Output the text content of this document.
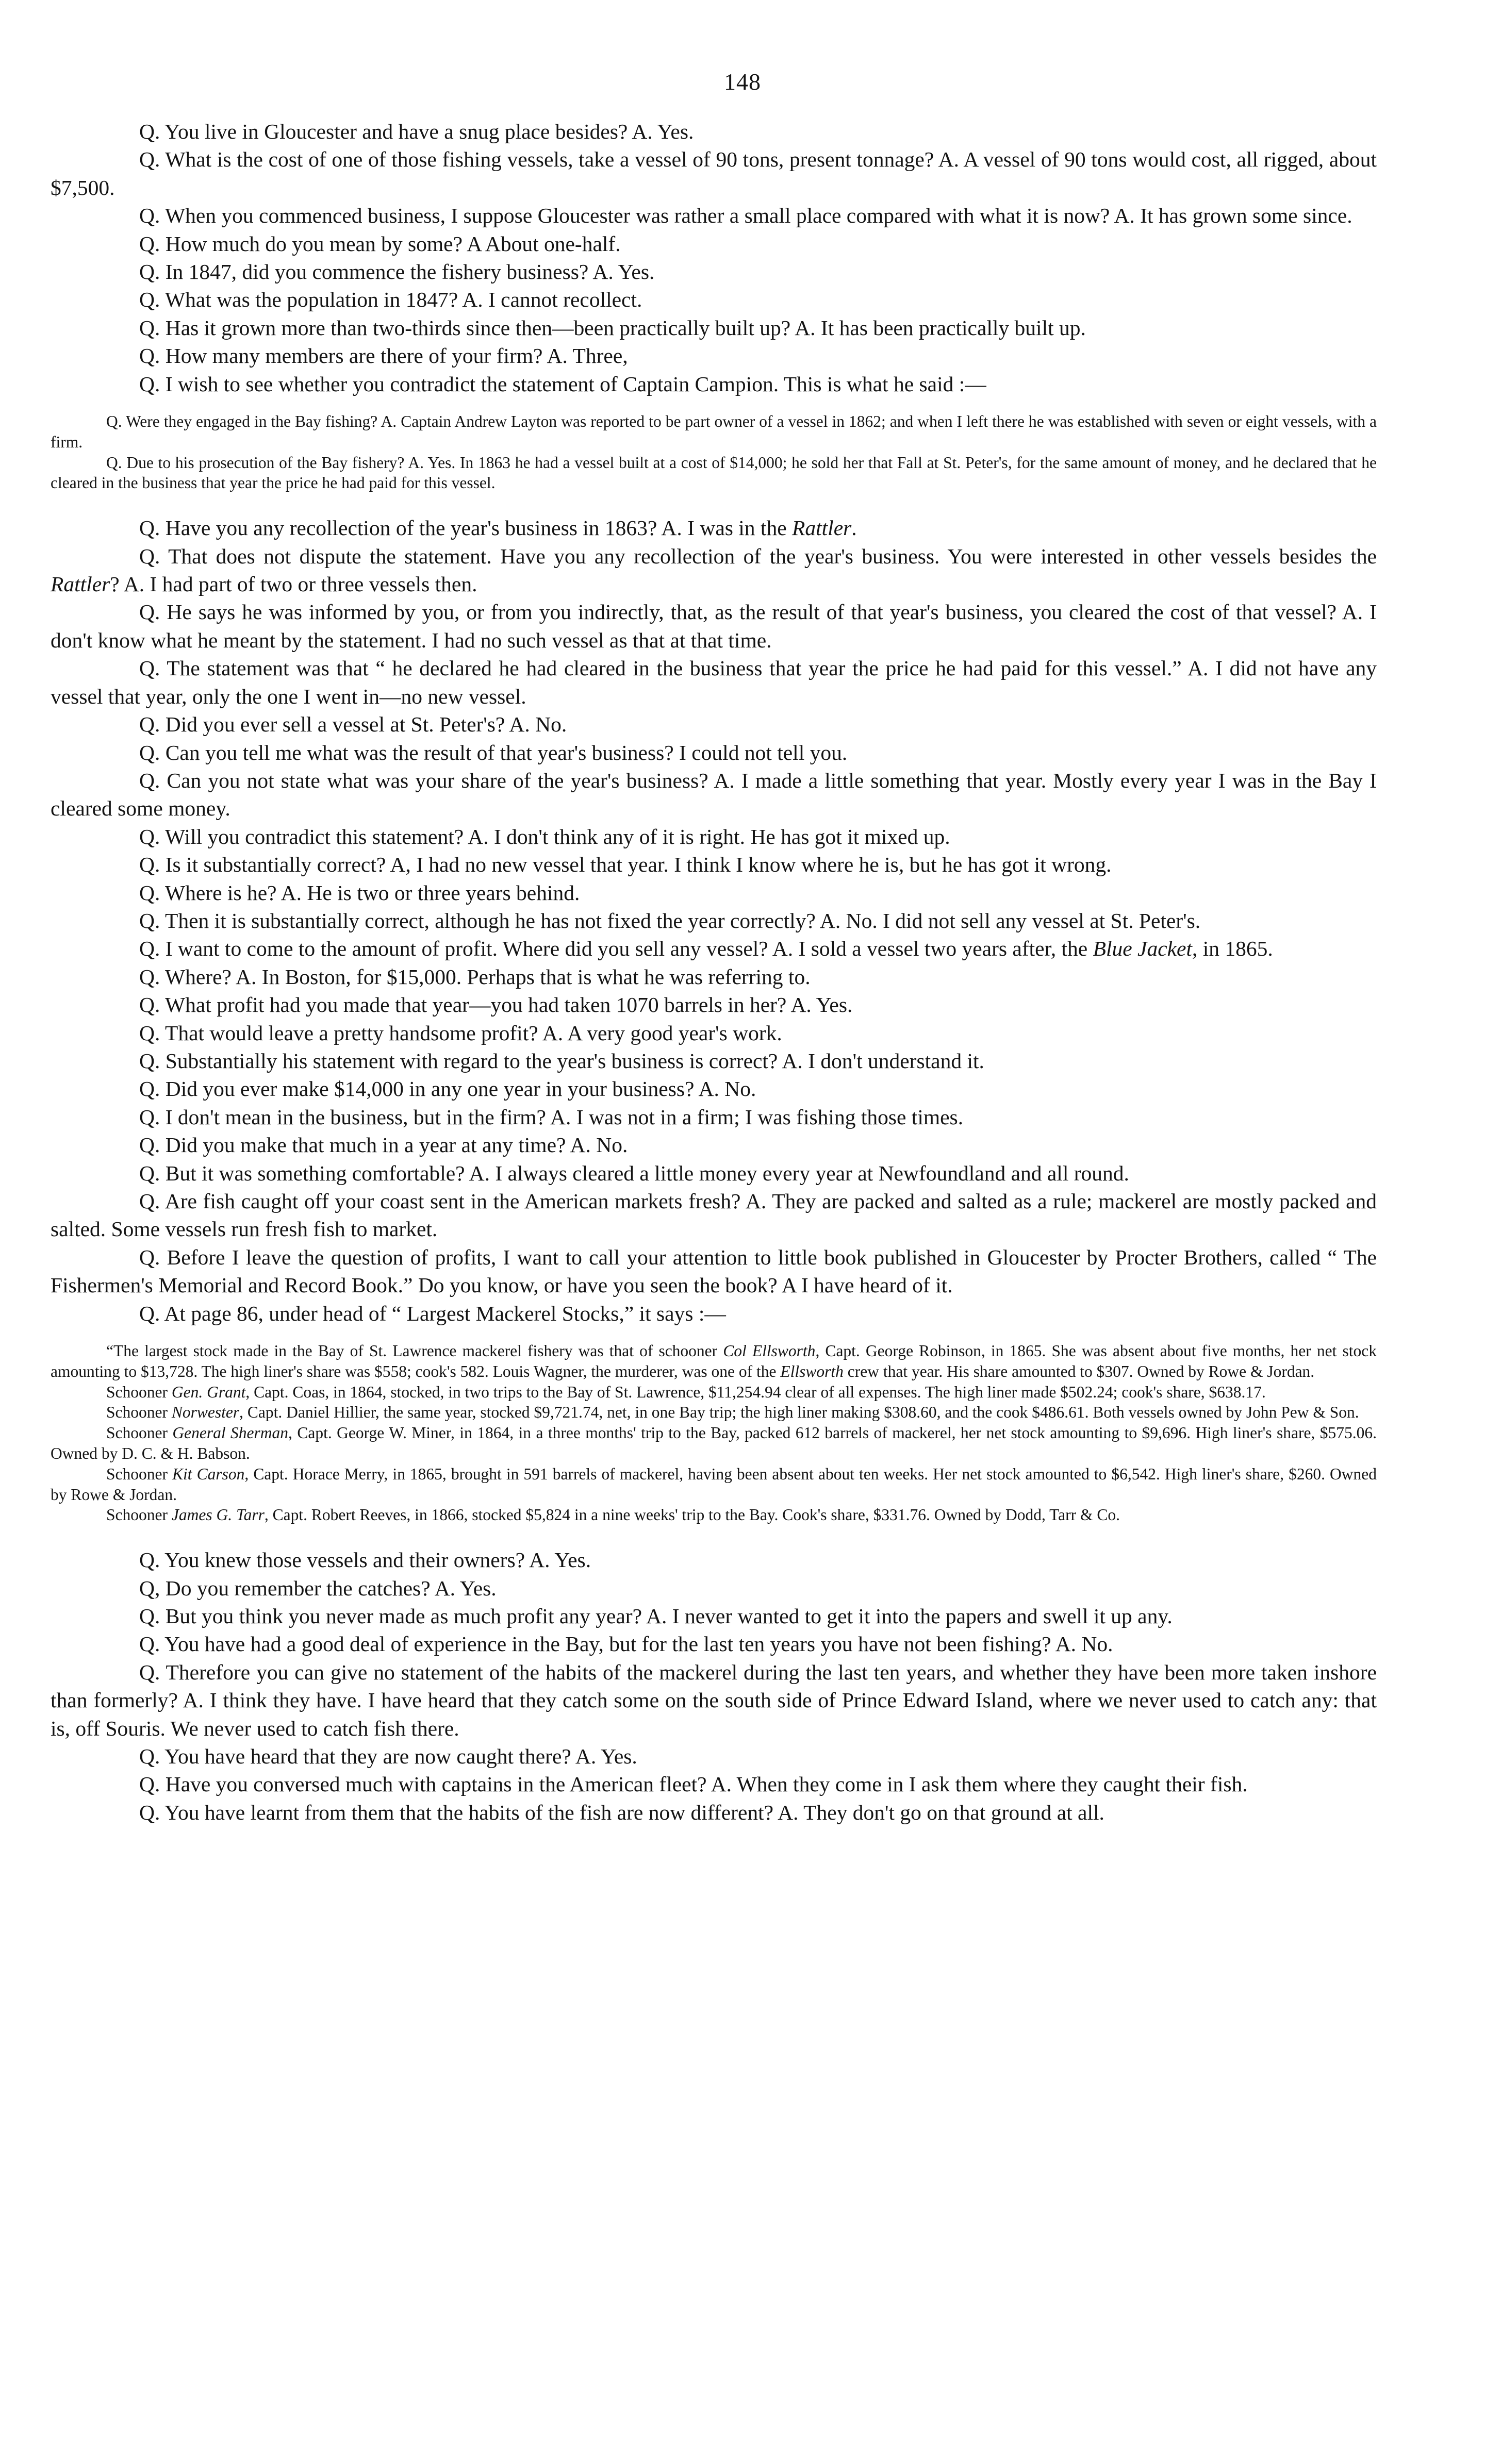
148

Q. You live in Gloucester and have a snug place besides? A. Yes.

Q. What is the cost of one of those fishing vessels, take a vessel of 90 tons, present tonnage? A. A vessel of 90 tons would cost, all rigged, about $7,500.

Q. When you commenced business, I suppose Gloucester was rather a small place compared with what it is now? A. It has grown some since.

Q. How much do you mean by some? A About one-half.

Q. In 1847, did you commence the fishery business? A. Yes.

Q. What was the population in 1847? A. I cannot recollect.

Q. Has it grown more than two-thirds since then—been practically built up? A. It has been practically built up.

Q. How many members are there of your firm? A. Three,

Q. I wish to see whether you contradict the statement of Captain Campion. This is what he said :—

Q. Were they engaged in the Bay fishing? A. Captain Andrew Layton was reported to be part owner of a vessel in 1862; and when I left there he was established with seven or eight vessels, with a firm.

Q. Due to his prosecution of the Bay fishery? A. Yes. In 1863 he had a vessel built at a cost of $14,000; he sold her that Fall at St. Peter's, for the same amount of money, and he declared that he cleared in the business that year the price he had paid for this vessel.

Q. Have you any recollection of the year's business in 1863? A. I was in the Rattler.

Q. That does not dispute the statement. Have you any recollection of the year's business. You were interested in other vessels besides the Rattler? A. I had part of two or three vessels then.

Q. He says he was informed by you, or from you indirectly, that, as the result of that year's business, you cleared the cost of that vessel? A. I don't know what he meant by the statement. I had no such vessel as that at that time.

Q. The statement was that “ he declared he had cleared in the business that year the price he had paid for this vessel.” A. I did not have any vessel that year, only the one I went in—no new vessel.

Q. Did you ever sell a vessel at St. Peter's? A. No.

Q. Can you tell me what was the result of that year's business? I could not tell you.

Q. Can you not state what was your share of the year's business? A. I made a little something that year. Mostly every year I was in the Bay I cleared some money.

Q. Will you contradict this statement? A. I don't think any of it is right. He has got it mixed up.

Q. Is it substantially correct? A, I had no new vessel that year. I think I know where he is, but he has got it wrong.

Q. Where is he? A. He is two or three years behind.

Q. Then it is substantially correct, although he has not fixed the year correctly? A. No. I did not sell any vessel at St. Peter's.

Q. I want to come to the amount of profit. Where did you sell any vessel? A. I sold a vessel two years after, the Blue Jacket, in 1865.

Q. Where? A. In Boston, for $15,000. Perhaps that is what he was referring to.

Q. What profit had you made that year—you had taken 1070 barrels in her? A. Yes.

Q. That would leave a pretty handsome profit? A. A very good year's work.

Q. Substantially his statement with regard to the year's business is correct? A. I don't understand it.

Q. Did you ever make $14,000 in any one year in your business? A. No.

Q. I don't mean in the business, but in the firm? A. I was not in a firm; I was fishing those times.

Q. Did you make that much in a year at any time? A. No.

Q. But it was something comfortable? A. I always cleared a little money every year at Newfoundland and all round.

Q. Are fish caught off your coast sent in the American markets fresh? A. They are packed and salted as a rule; mackerel are mostly packed and salted. Some vessels run fresh fish to market.

Q. Before I leave the question of profits, I want to call your attention to little book published in Gloucester by Procter Brothers, called “ The Fishermen's Memorial and Record Book.” Do you know, or have you seen the book? A I have heard of it.

Q. At page 86, under head of “ Largest Mackerel Stocks,” it says :—

“The largest stock made in the Bay of St. Lawrence mackerel fishery was that of schooner Col Ellsworth, Capt. George Robinson, in 1865. She was absent about five months, her net stock amounting to $13,728. The high liner's share was $558; cook's 582. Louis Wagner, the murderer, was one of the Ellsworth crew that year. His share amounted to $307. Owned by Rowe & Jordan.

Schooner Gen. Grant, Capt. Coas, in 1864, stocked, in two trips to the Bay of St. Lawrence, $11,254.94 clear of all expenses. The high liner made $502.24; cook's share, $638.17.

Schooner Norwester, Capt. Daniel Hillier, the same year, stocked $9,721.74, net, in one Bay trip; the high liner making $308.60, and the cook $486.61. Both vessels owned by John Pew & Son.

Schooner General Sherman, Capt. George W. Miner, in 1864, in a three months' trip to the Bay, packed 612 barrels of mackerel, her net stock amounting to $9,696. High liner's share, $575.06. Owned by D. C. & H. Babson.

Schooner Kit Carson, Capt. Horace Merry, in 1865, brought in 591 barrels of mackerel, having been absent about ten weeks. Her net stock amounted to $6,542. High liner's share, $260. Owned by Rowe & Jordan.

Schooner James G. Tarr, Capt. Robert Reeves, in 1866, stocked $5,824 in a nine weeks' trip to the Bay. Cook's share, $331.76. Owned by Dodd, Tarr & Co.

Q. You knew those vessels and their owners? A. Yes.

Q, Do you remember the catches? A. Yes.

Q. But you think you never made as much profit any year? A. I never wanted to get it into the papers and swell it up any.

Q. You have had a good deal of experience in the Bay, but for the last ten years you have not been fishing? A. No.

Q. Therefore you can give no statement of the habits of the mackerel during the last ten years, and whether they have been more taken inshore than formerly? A. I think they have. I have heard that they catch some on the south side of Prince Edward Island, where we never used to catch any: that is, off Souris. We never used to catch fish there.

Q. You have heard that they are now caught there? A. Yes.

Q. Have you conversed much with captains in the American fleet? A. When they come in I ask them where they caught their fish.

Q. You have learnt from them that the habits of the fish are now different? A. They don't go on that ground at all.
